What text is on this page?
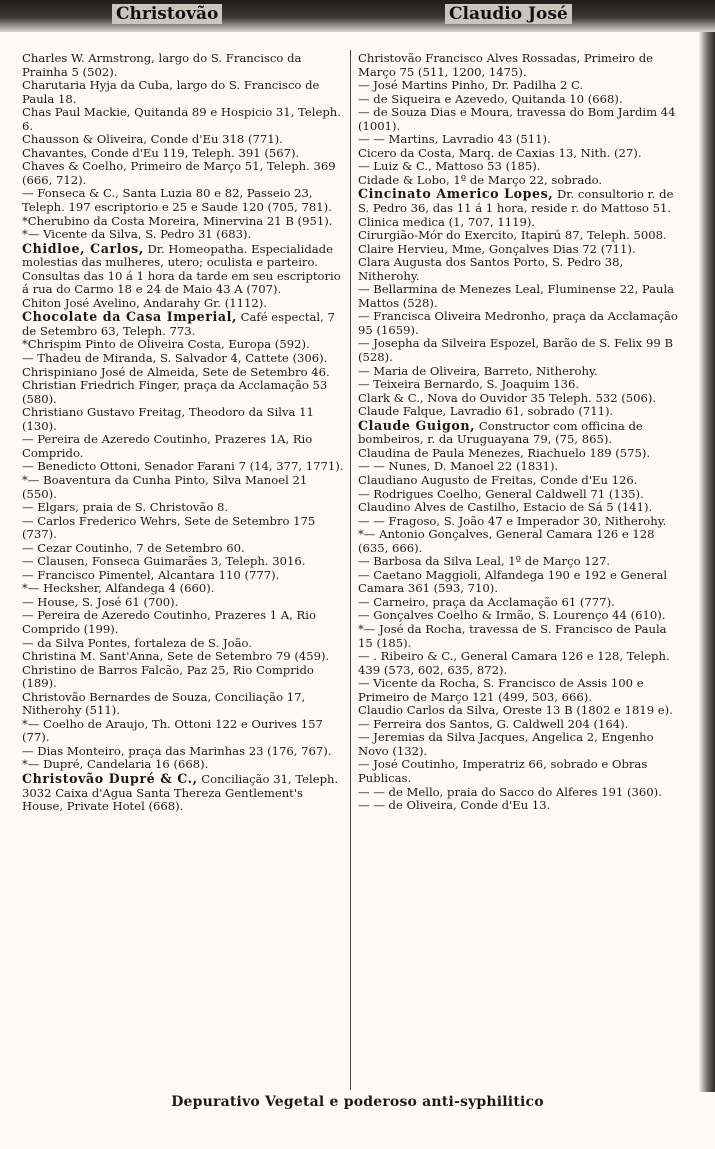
Christovão	Claudio José

Charles W. Armstrong, largo do S. Francisco da Prainha 5 (502).

Charutaria Hyja da Cuba, largo do S. Francisco de Paula 18.

Chas Paul Mackie, Quitanda 89 e Hospicio 31, Teleph. 6.

Chausson & Oliveira, Conde d'Eu 318 (771).

Chavantes, Conde d'Eu 119, Teleph. 391 (567).

Chaves & Coelho, Primeiro de Março 51, Teleph. 369 (666, 712).

— Fonseca & C., Santa Luzia 80 e 82, Passeio 23, Teleph. 197 escriptorio e 25 e Saude 120 (705, 781).

*Cherubino da Costa Moreira, Minervina 21 B (951).

*— Vicente da Silva, S. Pedro 31 (683).

Chidloe, Carlos, Dr. Homeopatha. Especialidade molestias das mulheres, utero; oculista e parteiro. Consultas das 10 á 1 hora da tarde em seu escriptorio á rua do Carmo 18 e 24 de Maio 43 A (707).

Chiton José Avelino, Andarahy Gr. (1112).

Chocolate da Casa Imperial, Café espectal, 7 de Setembro 63, Teleph. 773.

*Chrispim Pinto de Oliveira Costa, Europa (592).

— Thadeu de Miranda, S. Salvador 4, Cattete (306).

Chrispiniano José de Almeida, Sete de Setembro 46.

Christian Friedrich Finger, praça da Acclamação 53 (580).

Christiano Gustavo Freitag, Theodoro da Silva 11 (130).

— Pereira de Azeredo Coutinho, Prazeres 1A, Rio Comprido.

— Benedicto Ottoni, Senador Farani 7 (14, 377, 1771).

*— Boaventura da Cunha Pinto, Silva Manoel 21 (550).

— Elgars, praia de S. Christovão 8.

— Carlos Frederico Wehrs, Sete de Setembro 175 (737).

— Cezar Coutinho, 7 de Setembro 60.

— Clausen, Fonseca Guimarães 3, Teleph. 3016.

— Francisco Pimentel, Alcantara 110 (777).

*— Hecksher, Alfandega 4 (660).

— House, S. José 61 (700).

— Pereira de Azeredo Coutinho, Prazeres 1 A, Rio Comprido (199).

— da Silva Pontes, fortaleza de S. João.

Christina M. Sant'Anna, Sete de Setembro 79 (459).

Christino de Barros Falcão, Paz 25, Rio Comprido (189).

Christovão Bernardes de Souza, Conciliação 17, Nitherohy (511).

*— Coelho de Araujo, Th. Ottoni 122 e Ourives 157 (77).

— Dias Monteiro, praça das Marinhas 23 (176, 767).

*— Dupré, Candelaria 16 (668).

Christovão Dupré & C., Conciliação 31, Teleph. 3032 Caixa d'Agua Santa Thereza Gentlement's House, Private Hotel (668).

Christovão Francisco Alves Rossadas, Primeiro de Março 75 (511, 1200, 1475).

— José Martins Pinho, Dr. Padilha 2 C.

— de Siqueira e Azevedo, Quitanda 10 (668).

— de Souza Dias e Moura, travessa do Bom Jardim 44 (1001).

— — Martins, Lavradio 43 (511).

Cicero da Costa, Marq. de Caxias 13, Nith. (27).

— Luiz & C., Mattoso 53 (185).

Cidade & Lobo, 1º de Março 22, sobrado.

Cincinato Americo Lopes, Dr. consultorio r. de S. Pedro 36, das 11 á 1 hora, reside r. do Mattoso 51. Clinica medica (1, 707, 1119).

Cirurgião-Mór do Exercito, Itapirú 87, Teleph. 5008.

Claire Hervieu, Mme, Gonçalves Dias 72 (711).

Clara Augusta dos Santos Porto, S. Pedro 38, Nitherohy.

— Bellarmina de Menezes Leal, Fluminense 22, Paula Mattos (528).

— Francisca Oliveira Medronho, praça da Acclamação 95 (1659).

— Josepha da Silveira Espozel, Barão de S. Felix 99 B (528).

— Maria de Oliveira, Barreto, Nitherohy.

— Teixeira Bernardo, S. Joaquim 136.

Clark & C., Nova do Ouvidor 35 Teleph. 532 (506).

Claude Falque, Lavradio 61, sobrado (711).

Claude Guigon, Constructor com officina de bombeiros, r. da Uruguayana 79, (75, 865).

Claudina de Paula Menezes, Riachuelo 189 (575).

— — Nunes, D. Manoel 22 (1831).

Claudiano Augusto de Freitas, Conde d'Eu 126.

— Rodrigues Coelho, General Caldwell 71 (135).

Claudino Alves de Castilho, Estacio de Sá 5 (141).

— — Fragoso, S. João 47 e Imperador 30, Nitherohy.

*— Antonio Gonçalves, General Camara 126 e 128 (635, 666).

— Barbosa da Silva Leal, 1º de Março 127.

— Caetano Maggioli, Alfandega 190 e 192 e General Camara 361 (593, 710).

— Carneiro, praça da Acclamação 61 (777).

— Gonçalves Coelho & Irmão, S. Lourenço 44 (610).

*— José da Rocha, travessa de S. Francisco de Paula 15 (185).

— . Ribeiro & C., General Camara 126 e 128, Teleph. 439 (573, 602, 635, 872).

— Vicente da Rocha, S. Francisco de Assis 100 e Primeiro de Março 121 (499, 503, 666).

Claudio Carlos da Silva, Oreste 13 B (1802 e 1819 e).

— Ferreira dos Santos, G. Caldwell 204 (164).

— Jeremias da Silva Jacques, Angelica 2, Engenho Novo (132).

— José Coutinho, Imperatriz 66, sobrado e Obras Publicas.

— — de Mello, praia do Sacco do Alferes 191 (360).

— — de Oliveira, Conde d'Eu 13.

Depurativo Vegetal e poderoso anti-syphilitico
